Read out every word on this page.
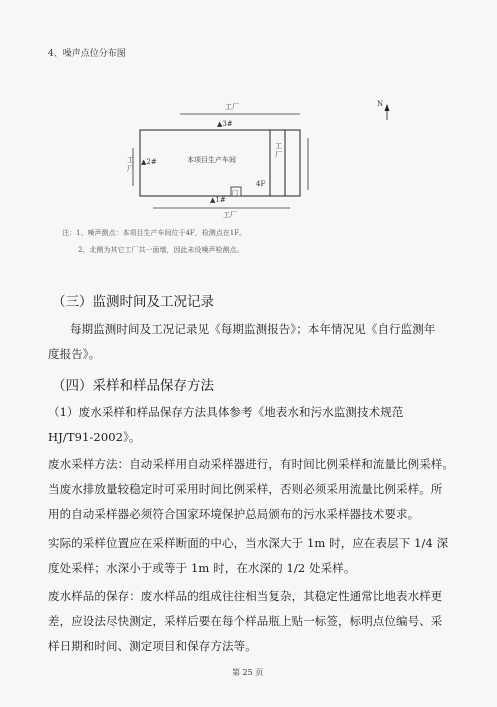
4、噪声点位分布图
工厂
▲3#
工厂
▲2#	本项目生产车间
工厂
4F
门
▲1#
工厂
N
注：1、噪声测点：本项目生产车间位于4F，检测点在1F。
2、北侧为其它工厂共一面墙，因此未设噪声检测点。
（三）监测时间及工况记录
每期监测时间及工况记录见《每期监测报告》；本年情况见《自行监测年
度报告》。
（四）采样和样品保存方法
（1）废水采样和样品保存方法具体参考《地表水和污水监测技术规范
HJ/T91-2002》。
废水采样方法：自动采样用自动采样器进行，有时间比例采样和流量比例采样。
当废水排放量较稳定时可采用时间比例采样，否则必须采用流量比例采样。所
用的自动采样器必须符合国家环境保护总局颁布的污水采样器技术要求。
实际的采样位置应在采样断面的中心，当水深大于 1m 时，应在表层下 1/4 深
度处采样；水深小于或等于 1m 时，在水深的 1/2 处采样。
废水样品的保存：废水样品的组成往往相当复杂，其稳定性通常比地表水样更
差，应设法尽快测定，采样后要在每个样品瓶上贴一标签，标明点位编号、采
样日期和时间、测定项目和保存方法等。
第 25 页
